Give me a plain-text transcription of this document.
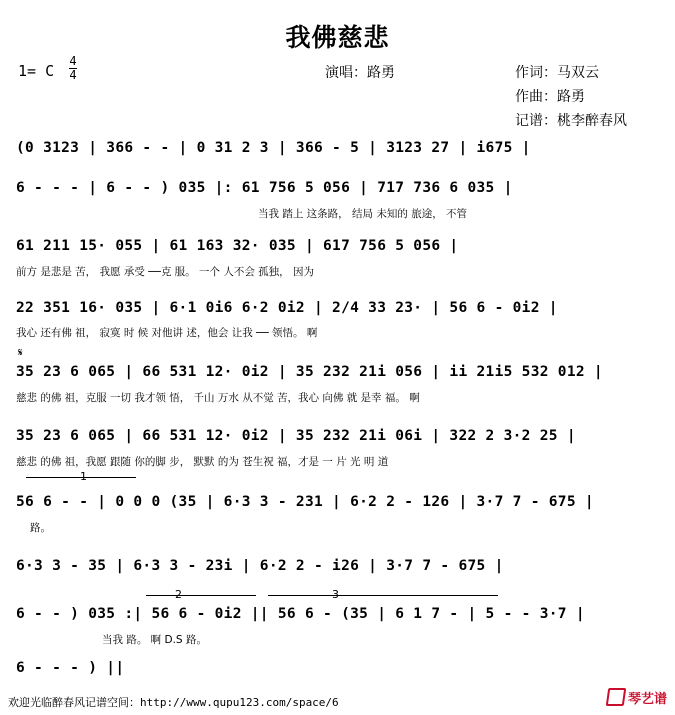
我佛慈悲
1= C
4
4	演唱：路勇	作词：马双云
作曲：路勇
记谱：桃李醉春风
(0 3123 | 366 - - | 0 31 2 3 | 366 - 5 | 3123 27 | i675 |
6 - - - | 6 - - ) 035 |: 61 756 5 056 | 717 736 6 035 |
当我 踏上 这条路， 结局 未知的 旅途， 不管
61 211 15· 055 | 61 163 32· 035 | 617 756 5 056 |
前方 是悲是 苦， 我愿 承受 ──克 服。 一个 人不会 孤独， 因为
22 351 16· 035 | 6·1 0i6 6·2 0i2 | 2/4 33 23· | 56 6 - 0i2 |
我心 还有佛 祖， 寂寞 时 候 对他讲 述，他会 让我 ── 领悟。 啊
𝄋
35 23 6 065 | 66 531 12· 0i2 | 35 232 21i 056 | ii 21i5 532 012 |
慈悲 的佛 祖，克服 一切 我才领 悟， 千山 万水 从不觉 苦，我心 向佛 就 是幸 福。 啊
35 23 6 065 | 66 531 12· 0i2 | 35 232 21i 06i | 322 2 3·2 25 |
慈悲 的佛 祖，我愿 跟随 你的脚 步， 默默 的为 苍生祝 福，才是 一 片 光 明 道
1
56 6 - - | 0 0 0 (35 | 6·3 3 - 231 | 6·2 2 - 126 | 3·7 7 - 675 |
路。
6·3 3 - 35 | 6·3 3 - 23i | 6·2 2 - i26 | 3·7 7 - 675 |
2	3
6 - - ) 035 :| 56 6 - 0i2 || 56 6 - (35 | 6 1 7 - | 5 - - 3·7 |
当我 路。 啊 D.S 路。
6 - - - ) ||
欢迎光临醉春风记谱空间：http://www.qupu123.com/space/6	琴艺谱
